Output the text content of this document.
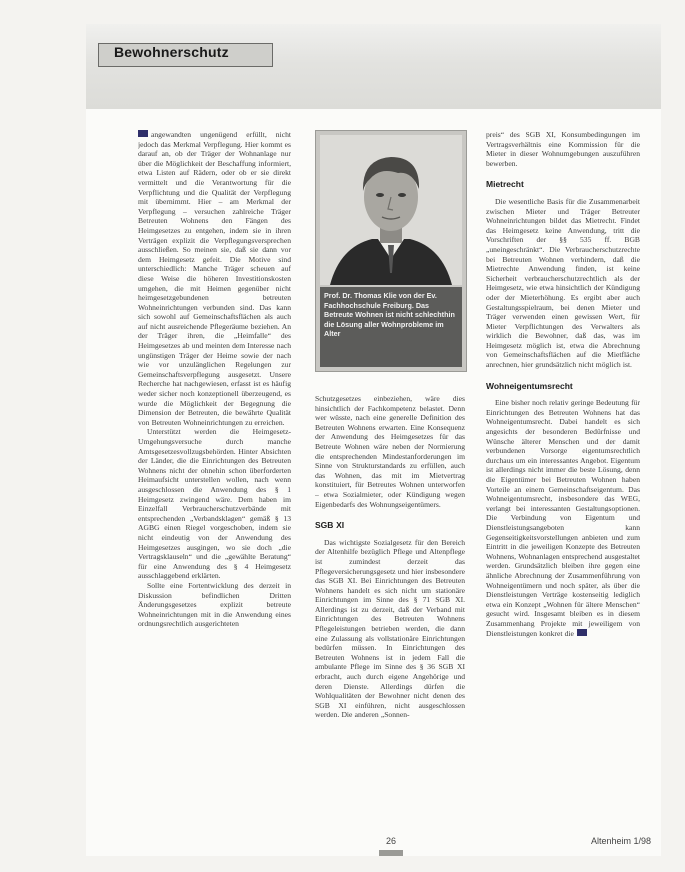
Bewohnerschutz

angewandten ungenügend erfüllt, nicht jedoch das Merkmal Verpflegung. Hier kommt es darauf an, ob der Träger der Wohnanlage nur über die Möglichkeit der Beschaffung informiert, etwa Listen auf Rädern, oder ob er sie direkt vermittelt und die Verantwortung für die Verpflichtung und die Qualität der Verpflegung mit übernimmt. Hier – am Merkmal der Verpflegung – versuchen zahlreiche Träger Betreuten Wohnens den Fängen des Heimgesetzes zu entgehen, indem sie in ihren Verträgen explizit die Verpflegungsversprechen ausschließen. So meinen sie, daß sie dann vor dem Heimgesetz gefeit. Die Motive sind unterschiedlich: Manche Träger scheuen auf diese Weise die höheren Investitionskosten umgehen, die mit Heimen gegenüber nicht heimgesetzgebundenen betreuten Wohneinrichtungen verbunden sind. Das kann sich sowohl auf Gemeinschaftsflächen als auch auf nicht ausreichende Pflegeräume beziehen. An der Träger ihren, die „Heimfalle“ des Heimgesetzes ab und meinten dem Interesse nach ungünstigen Träger der Heime sowie der nach wie vor unzulänglichen Regelungen zur Gemeinschaftsverpflegung ausgesetzt. Unsere Recherche hat nachgewiesen, erfasst ist es häufig weder sicher noch konzeptionell überzeugend, es wurde die Möglichkeit der Begegnung die Dimension der Betreuten, die bewährte Qualität von Betreuten Wohneinrichtungen zu erreichen.

Unterstützt werden die Heimgesetz-Umgehungsversuche durch manche Amtsgesetzesvollzugsbehörden. Hinter Absichten der Länder, die die Einrichtungen des Betreuten Wohnens nicht der ohnehin schon überforderten Heimaufsicht unterstellen wollen, nach wenn ausgeschlossen die Anwendung des § 1 Heimgesetz zwingend wäre. Dem haben im Einzelfall Verbraucherschutzverbände mit entsprechenden „Verbandsklagen“ gemäß § 13 AGBG einen Riegel vorgeschoben, indem sie nicht eindeutig von der Anwendung des Heimgesetzes ausgingen, wo sie doch „die Vertragsklauseln“ und die „gewählte Beratung“ für eine Anwendung des § 4 Heimgesetz ausschlaggebend erklärten.

Sollte eine Fortentwicklung des derzeit in Diskussion befindlichen Dritten Änderungsgesetzes explizit betreute Wohneinrichtungen mit in die Anwendung eines ordnungsrechtlich ausgerichteten

Prof. Dr. Thomas Klie von der Ev. Fachhochschule Freiburg. Das Betreute Wohnen ist nicht schlechthin die Lösung aller Wohnprobleme im Alter

Schutzgesetzes einbeziehen, wäre dies hinsichtlich der Fachkompetenz belastet. Denn wer wüsste, nach eine generelle Definition des Betreuten Wohnens erwarten. Eine Konsequenz der Anwendung des Heimgesetzes für das Betreute Wohnen wäre neben der Normierung die entsprechenden Mindestanforderungen im Sinne von Strukturstandards zu erfüllen, auch das Wohnen, das mit im Mietvertrag konstituiert, für Betreutes Wohnen unterworfen – etwa Sozialmieter, oder Kündigung wegen Eigenbedarfs des Wohnungseigentümers.

SGB XI

Das wichtigste Sozialgesetz für den Bereich der Altenhilfe bezüglich Pflege und Altenpflege ist zumindest derzeit das Pflegeversicherungsgesetz und hier insbesondere das SGB XI. Bei Einrichtungen des Betreuten Wohnens handelt es sich nicht um stationäre Einrichtungen im Sinne des § 71 SGB XI. Allerdings ist zu derzeit, daß der Verband mit Einrichtungen des Betreuten Wohnens Pflegeleistungen betrieben werden, die dann eine Zulassung als vollstationäre Einrichtungen bedürfen müssen. In Einrichtungen des Betreuten Wohnens ist in jedem Fall die ambulante Pflege im Sinne des § 36 SGB XI erbracht, auch durch eigene Angehörige und deren Dienste. Allerdings dürfen die Wohlqualitäten der Bewohner nicht denen des SGB XI einführen, nicht ausgeschlossen werden. Die anderen „Sonnen-

preis“ des SGB XI, Konsumbedingungen im Vertragsverhältnis eine Kommission für die Mieter in dieser Wohnumgebungen auszuführen bewerben.

Mietrecht

Die wesentliche Basis für die Zusammenarbeit zwischen Mieter und Träger Betreuter Wohneinrichtungen bildet das Mietrecht. Findet das Heimgesetz keine Anwendung, tritt die Vorschriften der §§ 535 ff. BGB „uneingeschränkt“. Die Verbraucherschutzrechte bei Betreuten Wohnen verhindern, daß die Mietrechte Anwendung finden, ist keine Sicherheit verbraucherschutzrechtlich als der Heimgesetz, wie etwa hinsichtlich der Kündigung oder der Mieterhöhung. Es ergibt aber auch Gestaltungsspielraum, bei denen Mieter und Träger verwenden einen gewissen Wert, für Mieter Verpflichtungen des Verwalters als wirklich die Bewohner, daß das, was im Heimgesetz möglich ist, etwa die Abrechnung von Gemeinschaftsflächen auf die Mietfläche anrechnen, hier grundsätzlich nicht möglich ist.

Wohneigentumsrecht

Eine bisher noch relativ geringe Bedeutung für Einrichtungen des Betreuten Wohnens hat das Wohneigentumsrecht. Dabei handelt es sich angesichts der besonderen Bedürfnisse und Wünsche älterer Menschen und der damit verbundenen Vorsorge eigentumsrechtlich durchaus um ein interessantes Angebot. Eigentum ist allerdings nicht immer die beste Lösung, denn die Eigentümer bei Betreuten Wohnen haben Vorteile an einem Gemeinschaftseigentum. Das Wohneigentumsrecht, insbesondere das WEG, verlangt bei interessanten Gestaltungsoptionen. Die Verbindung von Eigentum und Dienstleistungsangeboten kann Gegenseitigkeitsvorstellungen anbieten und zum Eintritt in die jeweiligen Konzepte des Betreuten Wohnens, Wohnanlagen entsprechend ausgestaltet werden. Grundsätzlich bleiben ihre gegen eine ähnliche Abrechnung der Zusammenführung von Wohneigentümern und noch später, als über die Dienstleistungen Verträge kostenseitig lediglich etwa ein Konzept „Wohnen für ältere Menschen“ gesucht wird. Insgesamt bleiben es in diesem Zusammenhang Projekte mit jeweiligem von Dienstleistungen konkret die

26	Altenheim 1/98
